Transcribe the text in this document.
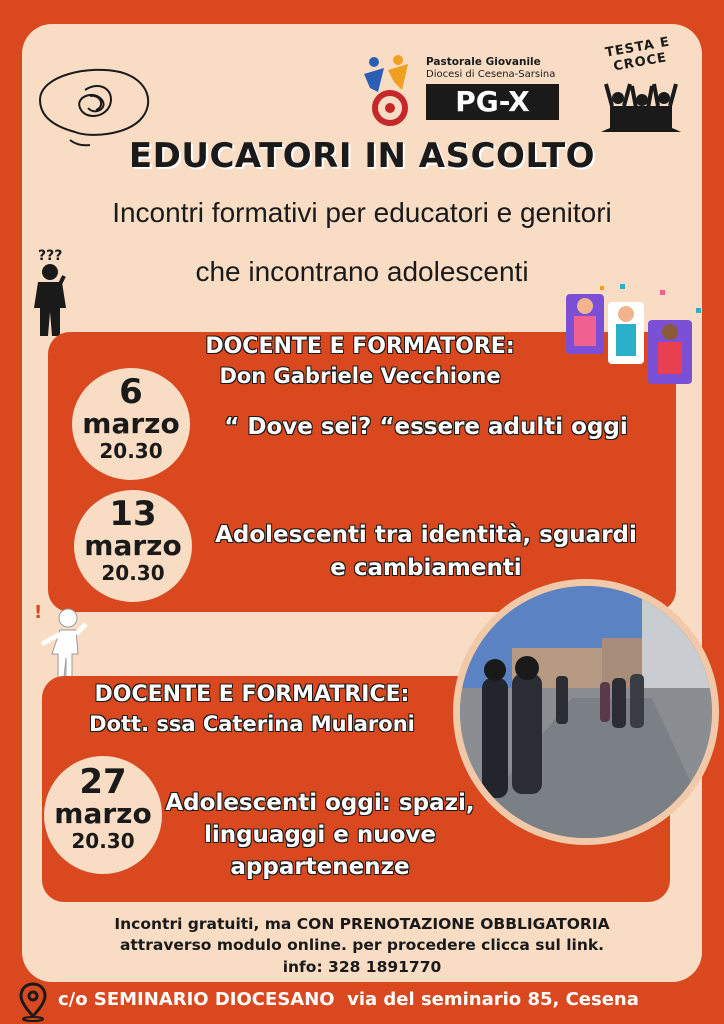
Pastorale Giovanile
Diocesi di Cesena-Sarsina
PG-X
TESTA E CROCE
EDUCATORI IN ASCOLTO
Incontri formativi per educatori e genitori
che incontrano adolescenti
???
DOCENTE E FORMATORE:
Don Gabriele Vecchione
6
marzo
20.30
“ Dove sei? “essere adulti oggi
13
marzo
20.30
Adolescenti tra identità, sguardi
e cambiamenti
!
DOCENTE E FORMATRICE:
Dott. ssa Caterina Mularoni
27
marzo
20.30
Adolescenti oggi: spazi,
linguaggi e nuove
appartenenze
Incontri gratuiti, ma CON PRENOTAZIONE OBBLIGATORIA
attraverso modulo online. per procedere clicca sul link.
info: 328 1891770
c/o SEMINARIO DIOCESANO  via del seminario 85, Cesena
